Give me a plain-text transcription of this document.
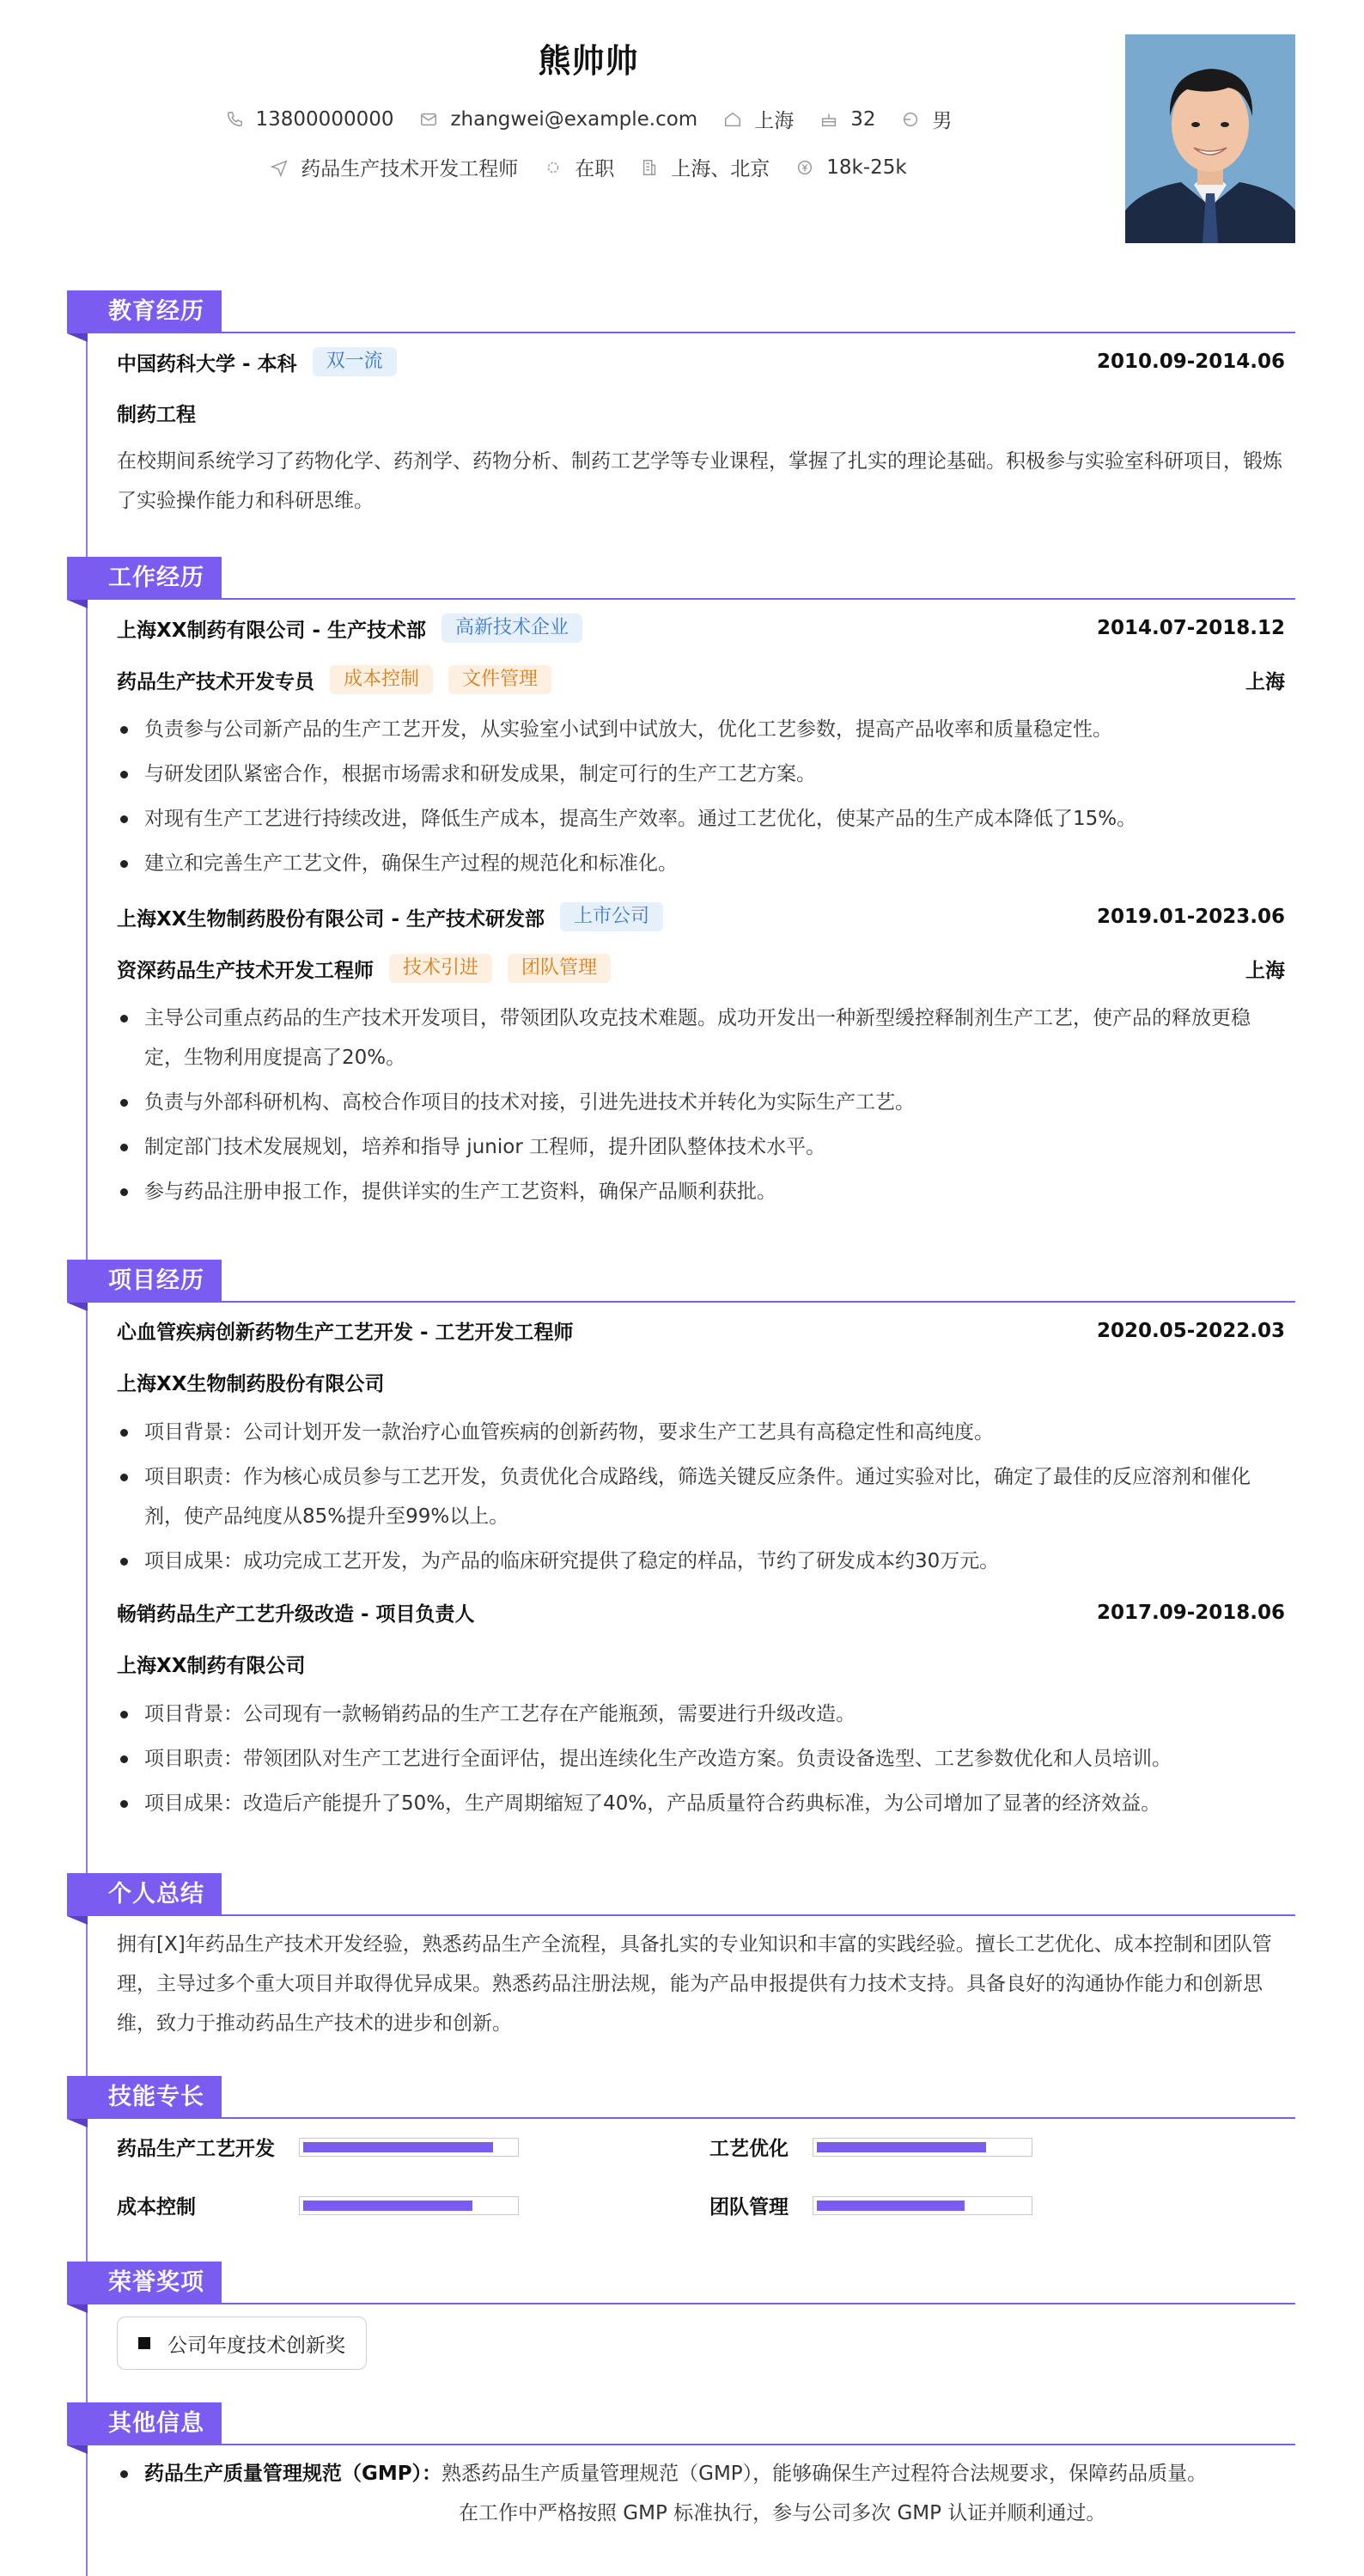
熊帅帅
13800000000	zhangwei@example.com	上海	32	男
药品生产技术开发工程师	在职	上海、北京	18k-25k
教育经历
中国药科大学 - 本科	双一流	2010.09-2014.06
制药工程
在校期间系统学习了药物化学、药剂学、药物分析、制药工艺学等专业课程，掌握了扎实的理论基础。积极参与实验室科研项目，锻炼了实验操作能力和科研思维。
工作经历
上海XX制药有限公司 - 生产技术部	高新技术企业	2014.07-2018.12
药品生产技术开发专员	成本控制	文件管理	上海
负责参与公司新产品的生产工艺开发，从实验室小试到中试放大，优化工艺参数，提高产品收率和质量稳定性。
与研发团队紧密合作，根据市场需求和研发成果，制定可行的生产工艺方案。
对现有生产工艺进行持续改进，降低生产成本，提高生产效率。通过工艺优化，使某产品的生产成本降低了15%。
建立和完善生产工艺文件，确保生产过程的规范化和标准化。
上海XX生物制药股份有限公司 - 生产技术研发部	上市公司	2019.01-2023.06
资深药品生产技术开发工程师	技术引进	团队管理	上海
主导公司重点药品的生产技术开发项目，带领团队攻克技术难题。成功开发出一种新型缓控释制剂生产工艺，使产品的释放更稳定，生物利用度提高了20%。
负责与外部科研机构、高校合作项目的技术对接，引进先进技术并转化为实际生产工艺。
制定部门技术发展规划，培养和指导 junior 工程师，提升团队整体技术水平。
参与药品注册申报工作，提供详实的生产工艺资料，确保产品顺利获批。
项目经历
心血管疾病创新药物生产工艺开发 - 工艺开发工程师	2020.05-2022.03
上海XX生物制药股份有限公司
项目背景：公司计划开发一款治疗心血管疾病的创新药物，要求生产工艺具有高稳定性和高纯度。
项目职责：作为核心成员参与工艺开发，负责优化合成路线，筛选关键反应条件。通过实验对比，确定了最佳的反应溶剂和催化剂，使产品纯度从85%提升至99%以上。
项目成果：成功完成工艺开发，为产品的临床研究提供了稳定的样品，节约了研发成本约30万元。
畅销药品生产工艺升级改造 - 项目负责人	2017.09-2018.06
上海XX制药有限公司
项目背景：公司现有一款畅销药品的生产工艺存在产能瓶颈，需要进行升级改造。
项目职责：带领团队对生产工艺进行全面评估，提出连续化生产改造方案。负责设备选型、工艺参数优化和人员培训。
项目成果：改造后产能提升了50%，生产周期缩短了40%，产品质量符合药典标准，为公司增加了显著的经济效益。
个人总结
拥有[X]年药品生产技术开发经验，熟悉药品生产全流程，具备扎实的专业知识和丰富的实践经验。擅长工艺优化、成本控制和团队管理，主导过多个重大项目并取得优异成果。熟悉药品注册法规，能为产品申报提供有力技术支持。具备良好的沟通协作能力和创新思维，致力于推动药品生产技术的进步和创新。
技能专长
药品生产工艺开发	工艺优化
成本控制	团队管理
荣誉奖项
公司年度技术创新奖
其他信息
药品生产质量管理规范（GMP）： 熟悉药品生产质量管理规范（GMP），能够确保生产过程符合法规要求，保障药品质量。
在工作中严格按照 GMP 标准执行，参与公司多次 GMP 认证并顺利通过。
